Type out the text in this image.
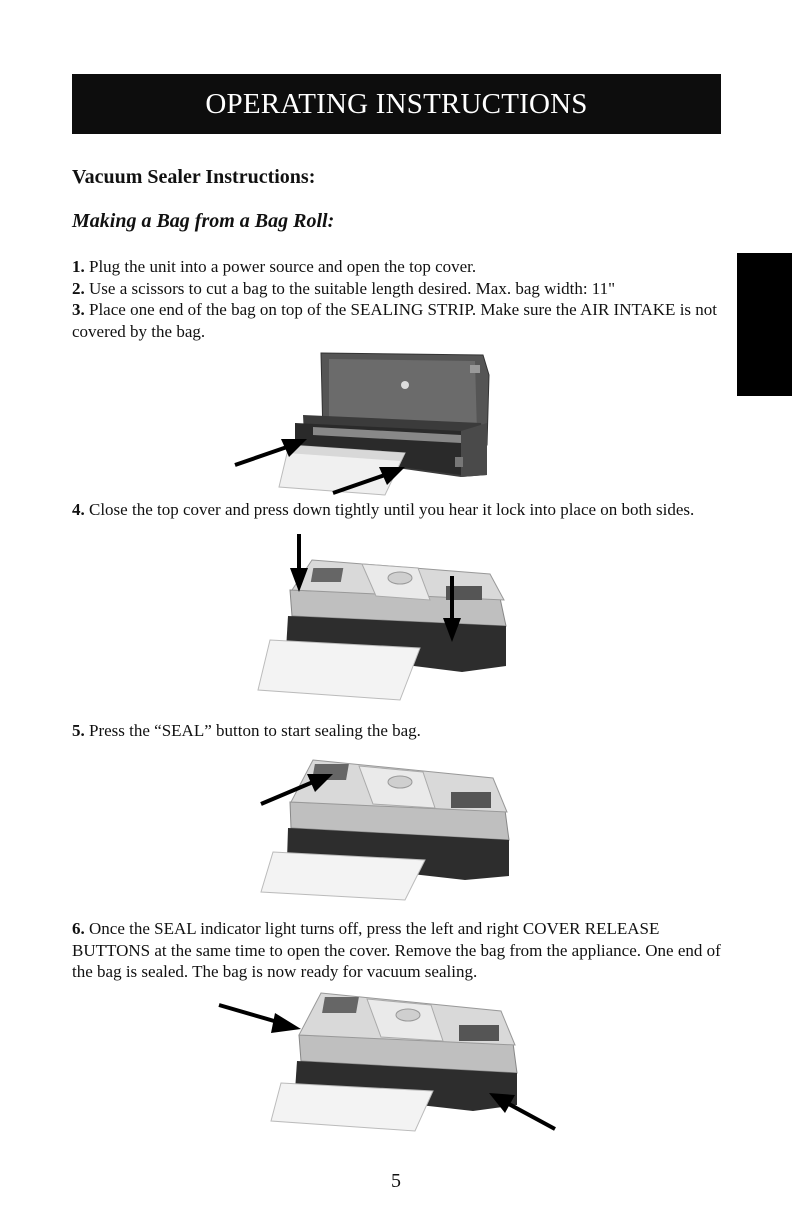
OPERATING INSTRUCTIONS
Vacuum Sealer Instructions:
Making a Bag from a Bag Roll:
1. Plug the unit into a power source and open the top cover.
2. Use a scissors to cut a bag to the suitable length desired. Max. bag width: 11"
3. Place one end of the bag on top of the SEALING STRIP. Make sure the AIR INTAKE is not covered by the bag.
4. Close the top cover and press down tightly until you hear it lock into place on both sides.
5. Press the “SEAL” button to start sealing the bag.
6. Once the SEAL indicator light turns off, press the left and right COVER RELEASE BUTTONS at the same time to open the cover. Remove the bag from the appliance. One end of the bag is sealed. The bag is now ready for vacuum sealing.
5
